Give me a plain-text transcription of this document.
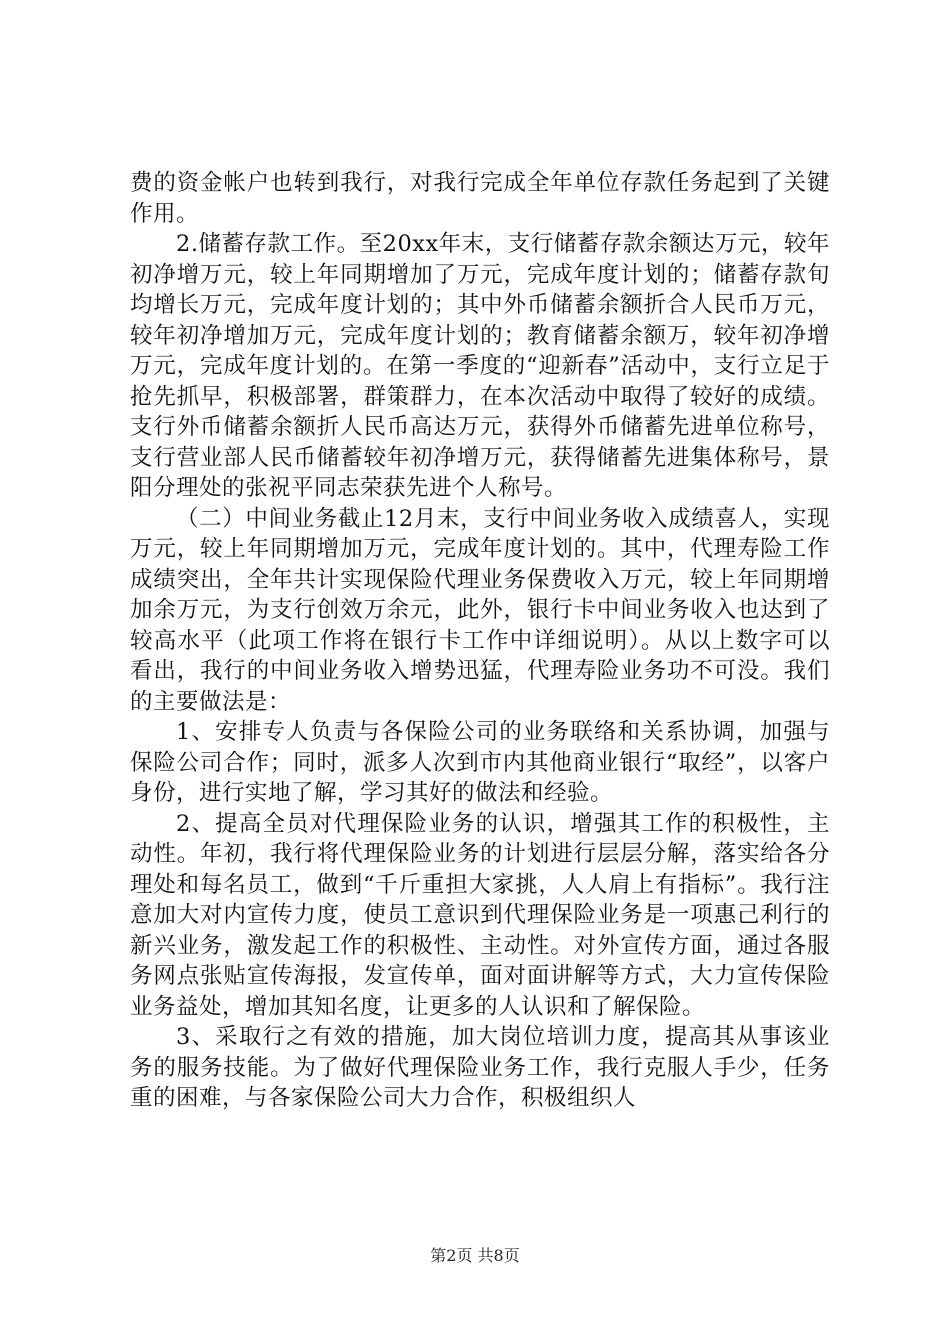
费的资金帐户也转到我行，对我行完成全年单位存款任务起到了关键作用。

2.储蓄存款工作。至20xx年末，支行储蓄存款余额达万元，较年初净增万元，较上年同期增加了万元，完成年度计划的；储蓄存款旬均增长万元，完成年度计划的；其中外币储蓄余额折合人民币万元，较年初净增加万元，完成年度计划的；教育储蓄余额万，较年初净增万元，完成年度计划的。在第一季度的“迎新春”活动中，支行立足于抢先抓早，积极部署，群策群力，在本次活动中取得了较好的成绩。支行外币储蓄余额折人民币高达万元，获得外币储蓄先进单位称号，支行营业部人民币储蓄较年初净增万元，获得储蓄先进集体称号，景阳分理处的张祝平同志荣获先进个人称号。

（二）中间业务截止12月末，支行中间业务收入成绩喜人，实现万元，较上年同期增加万元，完成年度计划的。其中，代理寿险工作成绩突出，全年共计实现保险代理业务保费收入万元，较上年同期增加余万元，为支行创效万余元，此外，银行卡中间业务收入也达到了较高水平（此项工作将在银行卡工作中详细说明）。从以上数字可以看出，我行的中间业务收入增势迅猛，代理寿险业务功不可没。我们的主要做法是：

1、安排专人负责与各保险公司的业务联络和关系协调，加强与保险公司合作；同时，派多人次到市内其他商业银行“取经”，以客户身份，进行实地了解，学习其好的做法和经验。

2、提高全员对代理保险业务的认识，增强其工作的积极性，主动性。年初，我行将代理保险业务的计划进行层层分解，落实给各分理处和每名员工，做到“千斤重担大家挑，人人肩上有指标”。我行注意加大对内宣传力度，使员工意识到代理保险业务是一项惠己利行的新兴业务，激发起工作的积极性、主动性。对外宣传方面，通过各服务网点张贴宣传海报，发宣传单，面对面讲解等方式，大力宣传保险业务益处，增加其知名度，让更多的人认识和了解保险。

3、采取行之有效的措施，加大岗位培训力度，提高其从事该业务的服务技能。为了做好代理保险业务工作，我行克服人手少，任务重的困难，与各家保险公司大力合作，积极组织人

第2页 共8页
